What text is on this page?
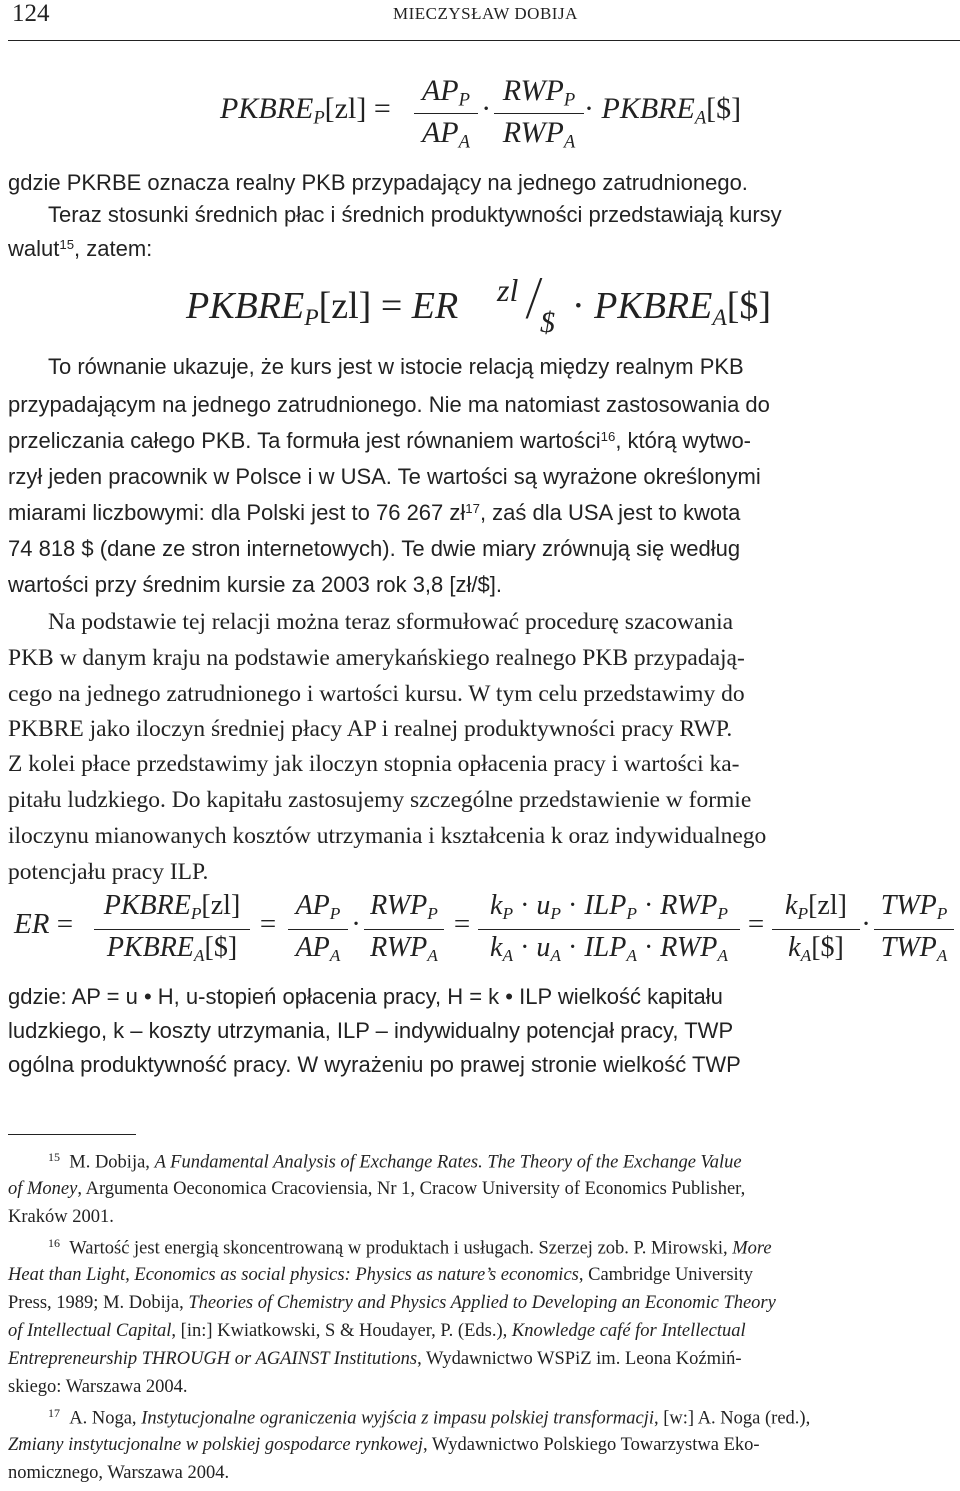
124	MIECZYSŁAW DOBIJA
$PKBRE_P[zl]$ =
$AP_P$
$AP_A$
·
$RWP_P$
$RWP_A$
· $PKBRE_A[\$]$
gdzie PKRBE oznacza realny PKB przypadający na jednego zatrudnionego.
Teraz stosunki średnich płac i średnich produktywności przedstawiają kursy
walut$^{15}$, zatem:
$PKBRE_P[zl]$ = ER zl / $ · $PKBRE_A[\$]$
To równanie ukazuje, że kurs jest w istocie relacją między realnym PKB
przypadającym na jednego zatrudnionego. Nie ma natomiast zastosowania do
przeliczania całego PKB. Ta formuła jest równaniem wartości$^{16}$, którą wytwo-
rzył jeden pracownik w Polsce i w USA. Te wartości są wyrażone określonymi
miarami liczbowymi: dla Polski jest to 76 267 zł$^{17}$, zaś dla USA jest to kwota
74 818 $ (dane ze stron internetowych). Te dwie miary zrównują się według
wartości przy średnim kursie za 2003 rok 3,8 [zł/$].
Na podstawie tej relacji można teraz sformułować procedurę szacowania
PKB w danym kraju na podstawie amerykańskiego realnego PKB przypadają-
cego na jednego zatrudnionego i wartości kursu. W tym celu przedstawimy do
PKBRE jako iloczyn średniej płacy AP i realnej produktywności pracy RWP.
Z kolei płace przedstawimy jak iloczyn stopnia opłacenia pracy i wartości ka-
pitału ludzkiego. Do kapitału zastosujemy szczególne przedstawienie w formie
iloczynu mianowanych kosztów utrzymania i kształcenia k oraz indywidualnego
potencjału pracy ILP.
ER =
$PKBRE_P[zl]$
$PKBRE_A[\$]$
=
$AP_P$
$AP_A$
·
$RWP_P$
$RWP_A$
=
$k_P \cdot u_P \cdot ILP_P \cdot RWP_P$
$k_A \cdot u_A \cdot ILP_A \cdot RWP_A$
=
$k_P[zl]$
$k_A[\$]$
·
$TWP_P$
$TWP_A$
gdzie: AP = u • H, u-stopień opłacenia pracy, H = k • ILP wielkość kapitału
ludzkiego, k – koszty utrzymania, ILP – indywidualny potencjał pracy, TWP
ogólna produktywność pracy. W wyrażeniu po prawej stronie wielkość TWP
$^{15}$ M. Dobija, A Fundamental Analysis of Exchange Rates. The Theory of the Exchange Value
of Money, Argumenta Oeconomica Cracoviensia, Nr 1, Cracow University of Economics Publisher,
Kraków 2001.
$^{16}$ Wartość jest energią skoncentrowaną w produktach i usługach. Szerzej zob. P. Mirowski, More
Heat than Light, Economics as social physics: Physics as nature’s economics, Cambridge University
Press, 1989; M. Dobija, Theories of Chemistry and Physics Applied to Developing an Economic Theory
of Intellectual Capital, [in:] Kwiatkowski, S & Houdayer, P. (Eds.), Knowledge café for Intellectual
Entrepreneurship THROUGH or AGAINST Institutions, Wydawnictwo WSPiZ im. Leona Koźmiń-
skiego: Warszawa 2004.
$^{17}$ A. Noga, Instytucjonalne ograniczenia wyjścia z impasu polskiej transformacji, [w:] A. Noga (red.),
Zmiany instytucjonalne w polskiej gospodarce rynkowej, Wydawnictwo Polskiego Towarzystwa Eko-
nomicznego, Warszawa 2004.
